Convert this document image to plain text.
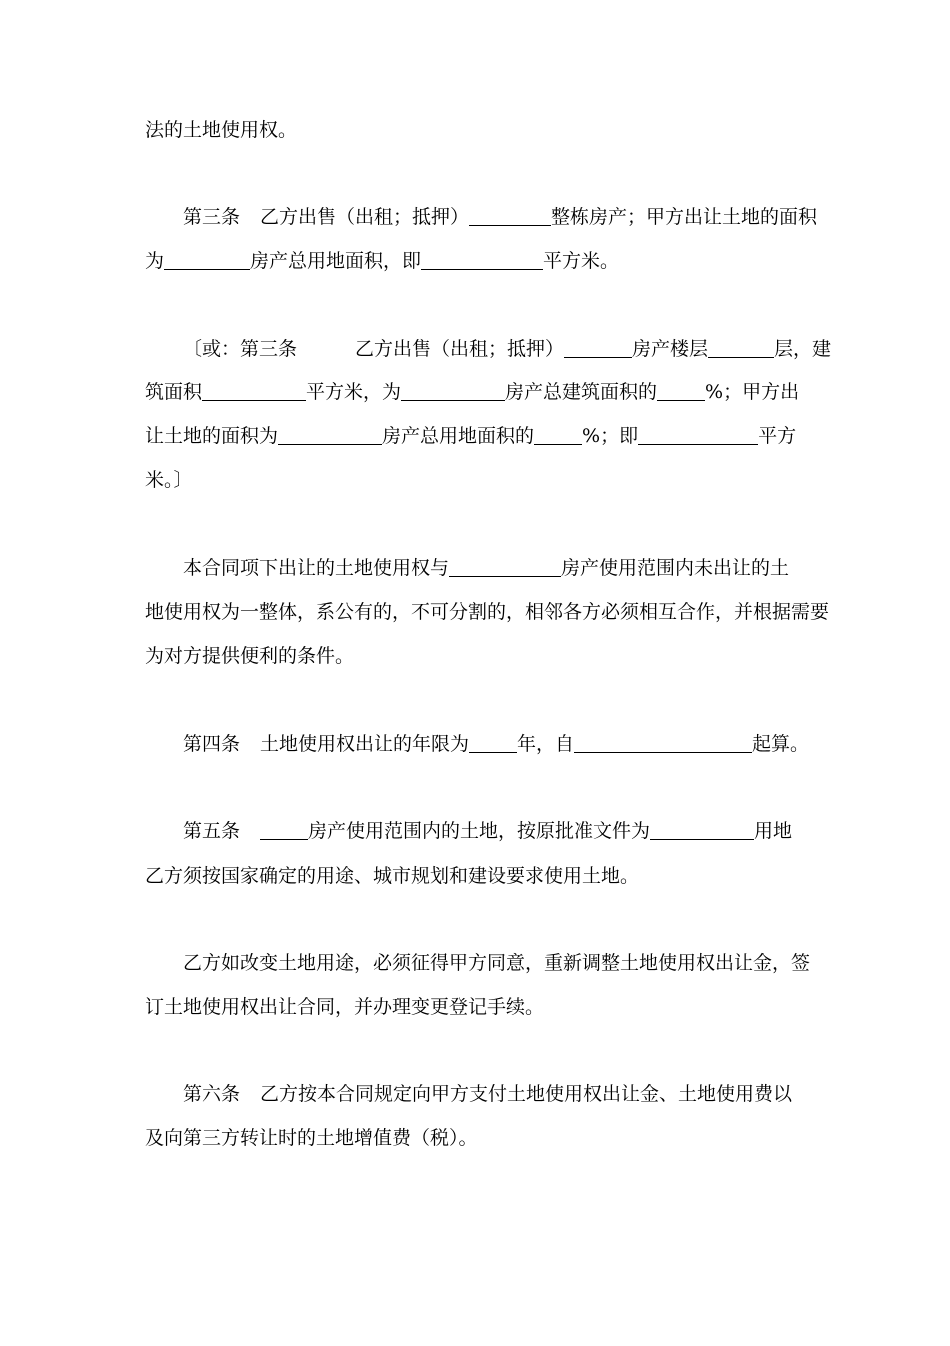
法的土地使用权。
第三条 乙方出售（出租；抵押）	整栋房产；甲方出让土地的面积
为	房产总用地面积，即	平方米。
〔或：第三条	乙方出售（出租；抵押）	房产楼层	层，建
筑面积	平方米，为	房产总建筑面积的	%；甲方出
让土地的面积为	房产总用地面积的	%；即	平方
米。〕
本合同项下出让的土地使用权与	房产使用范围内未出让的土
地使用权为一整体，系公有的，不可分割的，相邻各方必须相互合作，并根据需要
为对方提供便利的条件。
第四条 土地使用权出让的年限为	年，自	起算。
第五条	房产使用范围内的土地，按原批准文件为	用地
乙方须按国家确定的用途、城市规划和建设要求使用土地。
乙方如改变土地用途，必须征得甲方同意，重新调整土地使用权出让金，签
订土地使用权出让合同，并办理变更登记手续。
第六条 乙方按本合同规定向甲方支付土地使用权出让金、土地使用费以
及向第三方转让时的土地增值费（税）。
